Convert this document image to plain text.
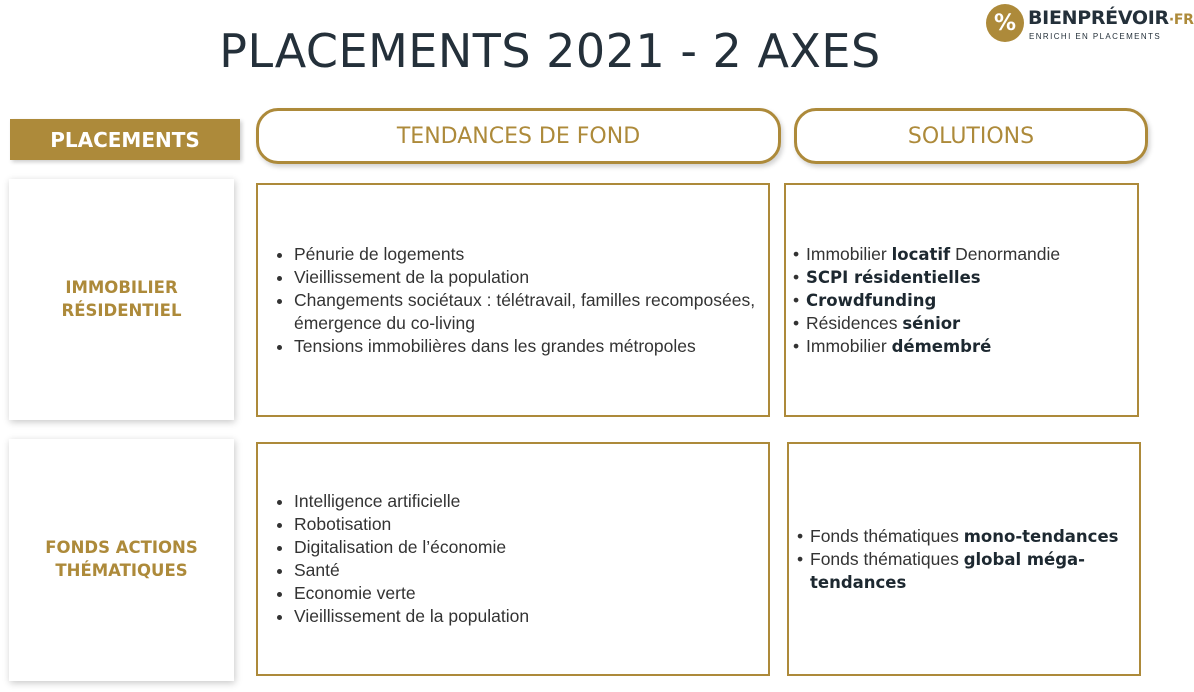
PLACEMENTS 2021 - 2 AXES
% BIENPRÉVOIR·FR
ENRICHI EN PLACEMENTS
PLACEMENTS	TENDANCES DE FOND	SOLUTIONS
IMMOBILIER
RÉSIDENTIEL
• Pénurie de logements
• Vieillissement de la population
• Changements sociétaux : télétravail, familles recomposées, émergence du co-living
• Tensions immobilières dans les grandes métropoles
• Immobilier locatif Denormandie
• SCPI résidentielles
• Crowdfunding
• Résidences sénior
• Immobilier démembré
FONDS ACTIONS
THÉMATIQUES
• Intelligence artificielle
• Robotisation
• Digitalisation de l’économie
• Santé
• Economie verte
• Vieillissement de la population
• Fonds thématiques mono-tendances
• Fonds thématiques global méga-tendances
